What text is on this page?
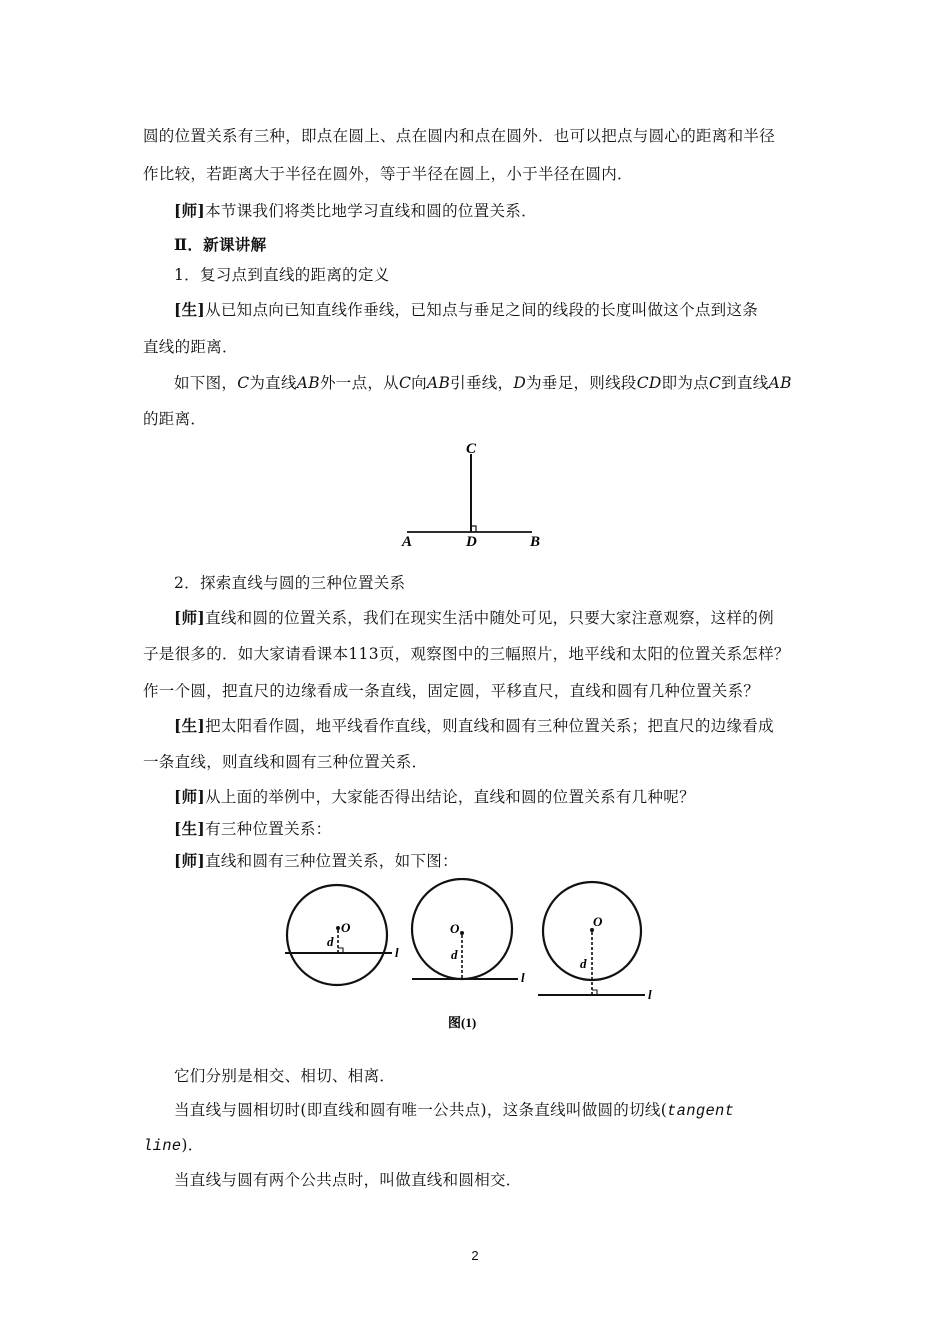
圆的位置关系有三种，即点在圆上、点在圆内和点在圆外．也可以把点与圆心的距离和半径
作比较，若距离大于半径在圆外，等于半径在圆上，小于半径在圆内．
[师]本节课我们将类比地学习直线和圆的位置关系．
Ⅱ．新课讲解
1．复习点到直线的距离的定义
[生]从已知点向已知直线作垂线，已知点与垂足之间的线段的长度叫做这个点到这条
直线的距离．
如下图，C为直线AB外一点，从C向AB引垂线，D为垂足，则线段CD即为点C到直线AB
的距离．
C
A	D	B
2．探索直线与圆的三种位置关系
[师]直线和圆的位置关系，我们在现实生活中随处可见，只要大家注意观察，这样的例
子是很多的．如大家请看课本113页，观察图中的三幅照片，地平线和太阳的位置关系怎样？
作一个圆，把直尺的边缘看成一条直线，固定圆，平移直尺，直线和圆有几种位置关系？
[生]把太阳看作圆，地平线看作直线，则直线和圆有三种位置关系；把直尺的边缘看成
一条直线，则直线和圆有三种位置关系．
[师]从上面的举例中，大家能否得出结论，直线和圆的位置关系有几种呢？
[生]有三种位置关系：
[师]直线和圆有三种位置关系，如下图：
O
d
l
O
d
l
O
d
l
图(1)
它们分别是相交、相切、相离．
当直线与圆相切时(即直线和圆有唯一公共点)，这条直线叫做圆的切线(tangent
line)．
当直线与圆有两个公共点时，叫做直线和圆相交．
2
